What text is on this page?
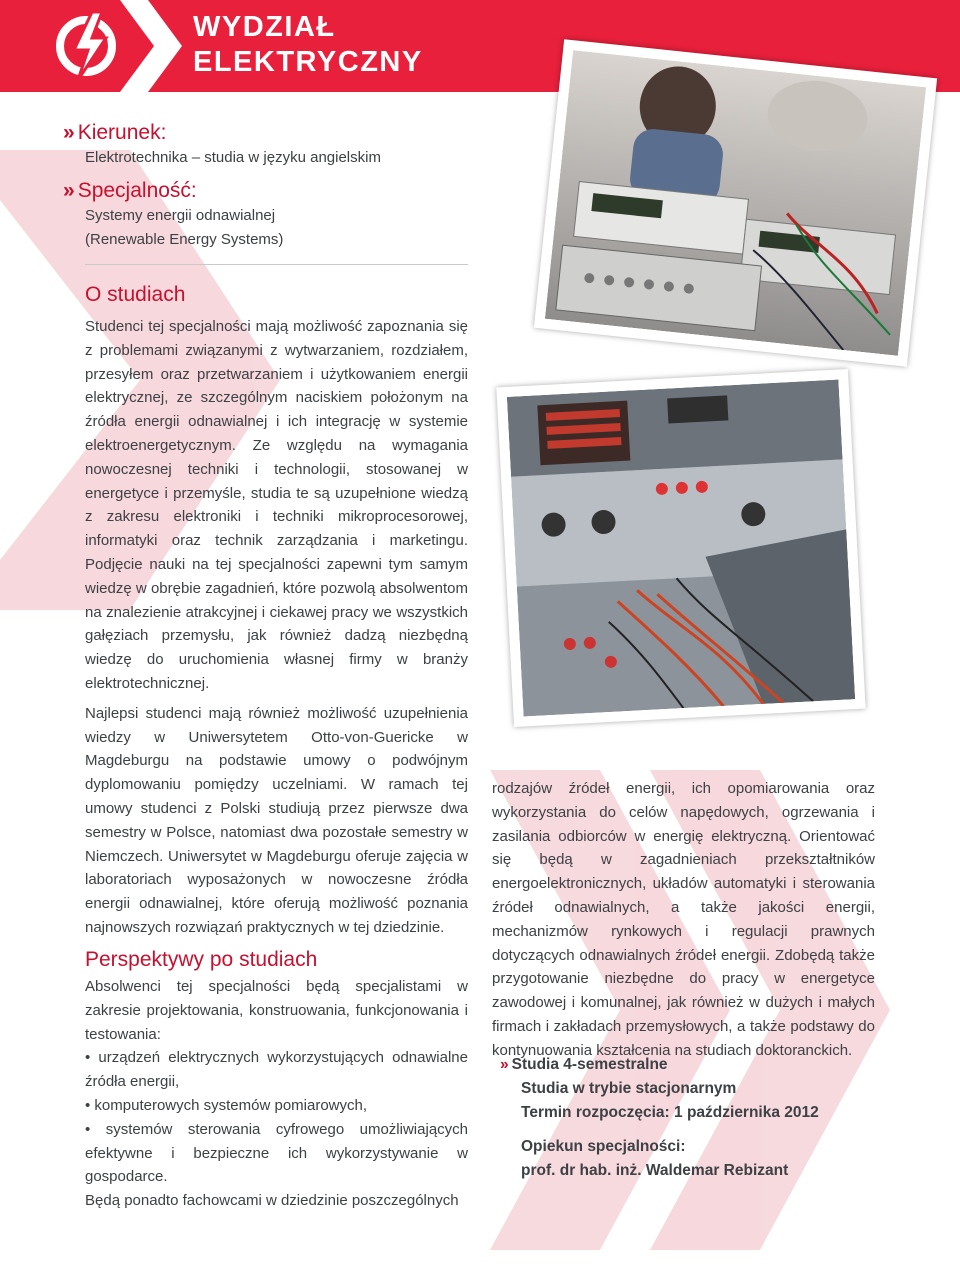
WYDZIAŁ
ELEKTRYCZNY
» Kierunek:
Elektrotechnika – studia w języku angielskim
» Specjalność:
Systemy energii odnawialnej
(Renewable Energy Systems)
O studiach

Studenci tej specjalności mają możliwość zapoznania się z problemami związanymi z wytwarzaniem, rozdziałem, przesyłem oraz przetwarzaniem i użytkowaniem energii elektrycznej, ze szczególnym naciskiem położonym na źródła energii odnawialnej i ich integrację w systemie elektroenergetycznym. Ze względu na wymagania nowoczesnej techniki i technologii, stosowanej w energetyce i przemyśle, studia te są uzupełnione wiedzą z zakresu elektroniki i techniki mikroprocesorowej, informatyki oraz technik zarządzania i marketingu. Podjęcie nauki na tej specjalności zapewni tym samym wiedzę w obrębie zagadnień, które pozwolą absolwentom na znalezienie atrakcyjnej i ciekawej pracy we wszystkich gałęziach przemysłu, jak również dadzą niezbędną wiedzę do uruchomienia własnej firmy w branży elektrotechnicznej.

Najlepsi studenci mają również możliwość uzupełnienia wiedzy w Uniwersytetem Otto-von-Guericke w Magdeburgu na podstawie umowy o podwójnym dyplomowaniu pomiędzy uczelniami. W ramach tej umowy studenci z Polski studiują przez pierwsze dwa semestry w Polsce, natomiast dwa pozostałe semestry w Niemczech. Uniwersytet w Magdeburgu oferuje zajęcia w laboratoriach wyposażonych w nowoczesne źródła energii odnawialnej, które oferują możliwość poznania najnowszych rozwiązań praktycznych w tej dziedzinie.

Perspektywy po studiach

Absolwenci tej specjalności będą specjalistami w zakresie projektowania, konstruowania, funkcjonowania i testowania:

• urządzeń elektrycznych wykorzystujących odnawialne źródła energii,
• komputerowych systemów pomiarowych,
• systemów sterowania cyfrowego umożliwiających efektywne i bezpieczne ich wykorzystywanie w gospodarce.

Będą ponadto fachowcami w dziedzinie poszczególnych

rodzajów źródeł energii, ich opomiarowania oraz wykorzystania do celów napędowych, ogrzewania i zasilania odbiorców w energię elektryczną. Orientować się będą w zagadnieniach przekształtników energoelektronicznych, układów automatyki i sterowania źródeł odnawialnych, a także jakości energii, mechanizmów rynkowych i regulacji prawnych dotyczących odnawialnych źródeł energii. Zdobędą także przygotowanie niezbędne do pracy w energetyce zawodowej i komunalnej, jak również w dużych i małych firmach i zakładach przemysłowych, a także podstawy do kontynuowania kształcenia na studiach doktoranckich.
» Studia 4-semestralne
Studia w trybie stacjonarnym
Termin rozpoczęcia: 1 października 2012
Opiekun specjalności:
prof. dr hab. inż. Waldemar Rebizant
